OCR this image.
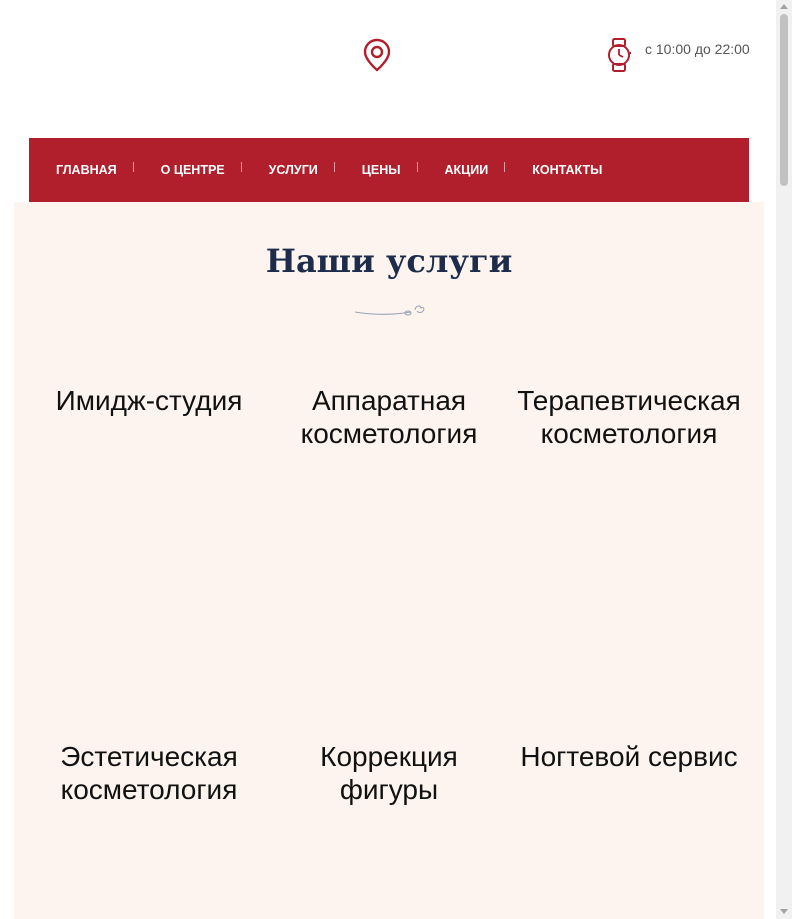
с 10:00 до 22:00
ГЛАВНАЯ	О ЦЕНТРЕ	УСЛУГИ	ЦЕНЫ	АКЦИИ	КОНТАКТЫ
Наши услуги
Имидж-студия	Аппаратная косметология
Терапевтическая косметология
Эстетическая косметология
Коррекция фигуры
Ногтевой сервис
